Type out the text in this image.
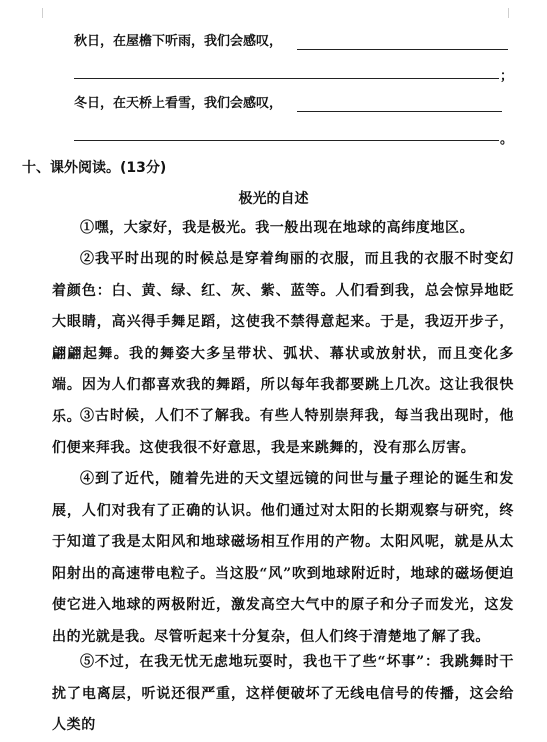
秋日，在屋檐下听雨，我们会感叹，
；
冬日，在天桥上看雪，我们会感叹，
。
十、课外阅读。(13分)
极光的自述

①嘿，大家好，我是极光。我一般出现在地球的高纬度地区。

②我平时出现的时候总是穿着绚丽的衣服，而且我的衣服不时变幻着颜色：白、黄、绿、红、灰、紫、蓝等。人们看到我，总会惊异地眨大眼睛，高兴得手舞足蹈，这使我不禁得意起来。于是，我迈开步子，翩翩起舞。我的舞姿大多呈带状、弧状、幕状或放射状，而且变化多端。因为人们都喜欢我的舞蹈，所以每年我都要跳上几次。这让我很快乐。

③古时候，人们不了解我。有些人特别崇拜我，每当我出现时，他们便来拜我。这使我很不好意思，我是来跳舞的，没有那么厉害。

④到了近代，随着先进的天文望远镜的问世与量子理论的诞生和发展，人们对我有了正确的认识。他们通过对太阳的长期观察与研究，终于知道了我是太阳风和地球磁场相互作用的产物。太阳风呢，就是从太阳射出的高速带电粒子。当这股“风”吹到地球附近时，地球的磁场便迫使它进入地球的两极附近，激发高空大气中的原子和分子而发光，这发出的光就是我。尽管听起来十分复杂，但人们终于清楚地了解了我。

⑤不过，在我无忧无虑地玩耍时，我也干了些“坏事”：我跳舞时干扰了电离层，听说还很严重，这样便破坏了无线电信号的传播，这会给人类的
